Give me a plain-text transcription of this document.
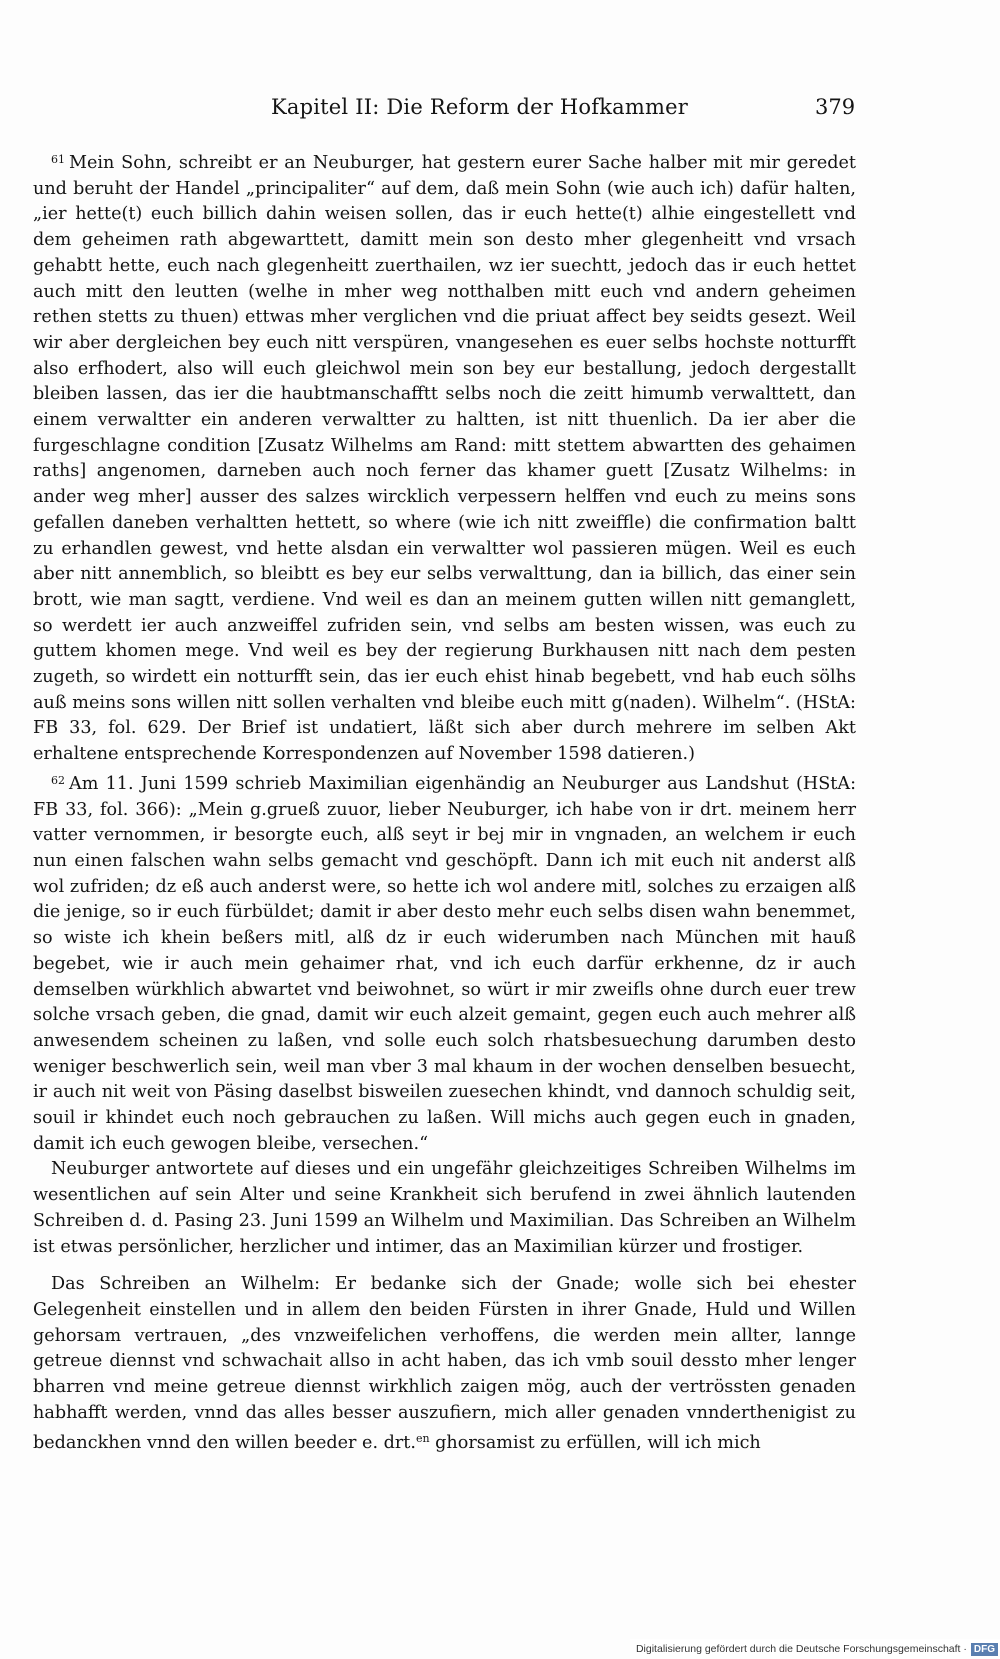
Kapitel II: Die Reform der Hofkammer	379

$^{61}$ Mein Sohn, schreibt er an Neuburger, hat gestern eurer Sache halber mit mir geredet und beruht der Handel „principaliter“ auf dem, daß mein Sohn (wie auch ich) dafür halten, „ier hette(t) euch billich dahin weisen sollen, das ir euch hette(t) alhie eingestellett vnd dem geheimen rath abgewarttett, damitt mein son desto mher glegenheitt vnd vrsach gehabtt hette, euch nach glegenheitt zuerthailen, wz ier suechtt, jedoch das ir euch hettet auch mitt den leutten (welhe in mher weg notthalben mitt euch vnd andern geheimen rethen stetts zu thuen) ettwas mher verglichen vnd die priuat affect bey seidts gesezt. Weil wir aber dergleichen bey euch nitt verspüren, vnangesehen es euer selbs hochste notturfft also erfhodert, also will euch gleichwol mein son bey eur bestallung, jedoch dergestallt bleiben lassen, das ier die haubtmanschafftt selbs noch die zeitt himumb verwalttett, dan einem verwaltter ein anderen verwaltter zu haltten, ist nitt thuenlich. Da ier aber die furgeschlagne condition [Zusatz Wilhelms am Rand: mitt stettem abwartten des gehaimen raths] angenomen, darneben auch noch ferner das khamer guett [Zusatz Wilhelms: in ander weg mher] ausser des salzes wircklich verpessern helffen vnd euch zu meins sons gefallen daneben verhaltten hettett, so where (wie ich nitt zweiffle) die confirmation baltt zu erhandlen gewest, vnd hette alsdan ein verwaltter wol passieren mügen. Weil es euch aber nitt annemblich, so bleibtt es bey eur selbs verwalttung, dan ia billich, das einer sein brott, wie man sagtt, verdiene. Vnd weil es dan an meinem gutten willen nitt gemanglett, so werdett ier auch anzweiffel zufriden sein, vnd selbs am besten wissen, was euch zu guttem khomen mege. Vnd weil es bey der regierung Burkhausen nitt nach dem pesten zugeth, so wirdett ein notturfft sein, das ier euch ehist hinab begebett, vnd hab euch sölhs auß meins sons willen nitt sollen verhalten vnd bleibe euch mitt g(naden). Wilhelm“. (HStA: FB 33, fol. 629. Der Brief ist undatiert, läßt sich aber durch mehrere im selben Akt erhaltene entsprechende Korrespondenzen auf November 1598 datieren.)

$^{62}$ Am 11. Juni 1599 schrieb Maximilian eigenhändig an Neuburger aus Landshut (HStA: FB 33, fol. 366): „Mein g.grueß zuuor, lieber Neuburger, ich habe von ir drt. meinem herr vatter vernommen, ir besorgte euch, alß seyt ir bej mir in vngnaden, an welchem ir euch nun einen falschen wahn selbs gemacht vnd geschöpft. Dann ich mit euch nit anderst alß wol zufriden; dz eß auch anderst were, so hette ich wol andere mitl, solches zu erzaigen alß die jenige, so ir euch fürbüldet; damit ir aber desto mehr euch selbs disen wahn benemmet, so wiste ich khein beßers mitl, alß dz ir euch widerumben nach München mit hauß begebet, wie ir auch mein gehaimer rhat, vnd ich euch darfür erkhenne, dz ir auch demselben würkhlich abwartet vnd beiwohnet, so würt ir mir zweifls ohne durch euer trew solche vrsach geben, die gnad, damit wir euch alzeit gemaint, gegen euch auch mehrer alß anwesendem scheinen zu laßen, vnd solle euch solch rhatsbesuechung darumben desto weniger beschwerlich sein, weil man vber 3 mal khaum in der wochen denselben besuecht, ir auch nit weit von Päsing daselbst bisweilen zuesechen khindt, vnd dannoch schuldig seit, souil ir khindet euch noch gebrauchen zu laßen. Will michs auch gegen euch in gnaden, damit ich euch gewogen bleibe, versechen.“

Neuburger antwortete auf dieses und ein ungefähr gleichzeitiges Schreiben Wilhelms im wesentlichen auf sein Alter und seine Krankheit sich berufend in zwei ähnlich lautenden Schreiben d. d. Pasing 23. Juni 1599 an Wilhelm und Maximilian. Das Schreiben an Wilhelm ist etwas persönlicher, herzlicher und intimer, das an Maximilian kürzer und frostiger.

Das Schreiben an Wilhelm: Er bedanke sich der Gnade; wolle sich bei ehester Gelegenheit einstellen und in allem den beiden Fürsten in ihrer Gnade, Huld und Willen gehorsam vertrauen, „des vnzweifelichen verhoffens, die werden mein allter, lannge getreue diennst vnd schwachait allso in acht haben, das ich vmb souil dessto mher lenger bharren vnd meine getreue diennst wirkhlich zaigen mög, auch der vertrössten genaden habhafft werden, vnnd das alles besser auszufiern, mich aller genaden vnnderthenigist zu bedanckhen vnnd den willen beeder e. drt.$^{en}$ ghorsamist zu erfüllen, will ich mich

Digitalisierung gefördert durch die Deutsche Forschungsgemeinschaft · DFG
